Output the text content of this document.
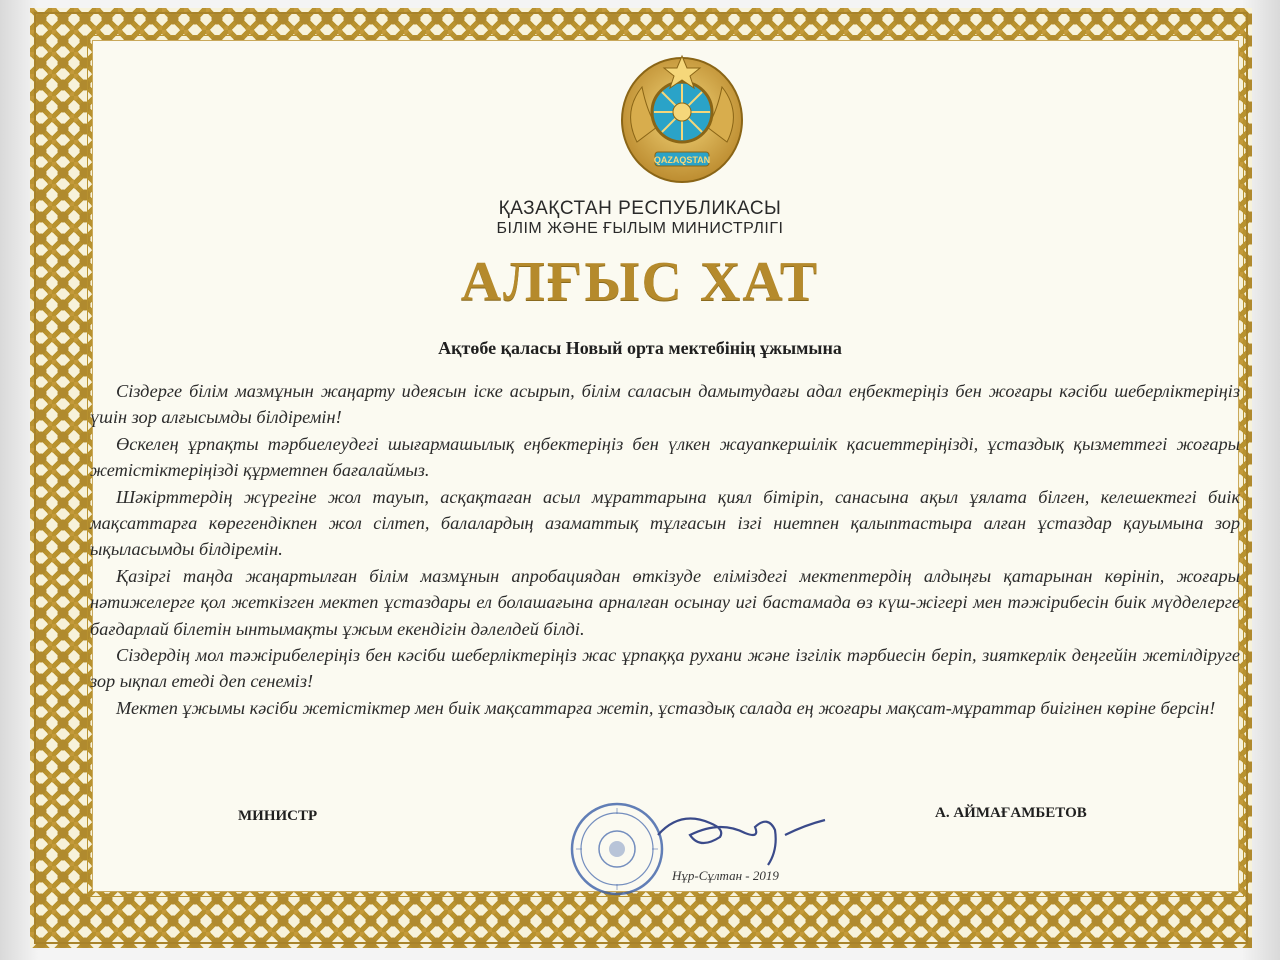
QAZAQSTAN
ҚАЗАҚСТАН РЕСПУБЛИКАСЫ
БІЛІМ ЖӘНЕ ҒЫЛЫМ МИНИСТРЛІГІ
АЛҒЫС ХАТ
Ақтөбе қаласы Новый орта мектебінің ұжымына

Сіздерге білім мазмұнын жаңарту идеясын іске асырып, білім саласын дамытудағы адал еңбектеріңіз бен жоғары кәсіби шеберліктеріңіз үшін зор алғысымды білдіремін!

Өскелең ұрпақты тәрбиелеудегі шығармашылық еңбектеріңіз бен үлкен жауапкершілік қасиеттеріңізді, ұстаздық қызметтегі жоғары жетістіктеріңізді құрметпен бағалаймыз.

Шәкірттердің жүрегіне жол тауып, асқақтаған асыл мұраттарына қиял бітіріп, санасына ақыл ұялата білген, келешектегі биік мақсаттарға көрегендікпен жол сілтеп, балалардың азаматтық тұлғасын ізгі ниетпен қалыптастыра алған ұстаздар қауымына зор ықыласымды білдіремін.

Қазіргі таңда жаңартылған білім мазмұнын апробациядан өткізуде еліміздегі мектептердің алдыңғы қатарынан көрініп, жоғары нәтижелерге қол жеткізген мектеп ұстаздары ел болашағына арналған осынау игі бастамада өз күш-жігері мен тәжірибесін биік мүдделерге бағдарлай білетін ынтымақты ұжым екендігін дәлелдей білді.

Сіздердің мол тәжірибелеріңіз бен кәсіби шеберліктеріңіз жас ұрпаққа рухани және ізгілік тәрбиесін беріп, зияткерлік деңгейін жетілдіруге зор ықпал етеді деп сенеміз!

Мектеп ұжымы кәсіби жетістіктер мен биік мақсаттарға жетіп, ұстаздық салада ең жоғары мақсат-мұраттар биігінен көріне берсін!

МИНИСТР	А. АЙМАҒАМБЕТОВ
Нұр-Сұлтан - 2019
